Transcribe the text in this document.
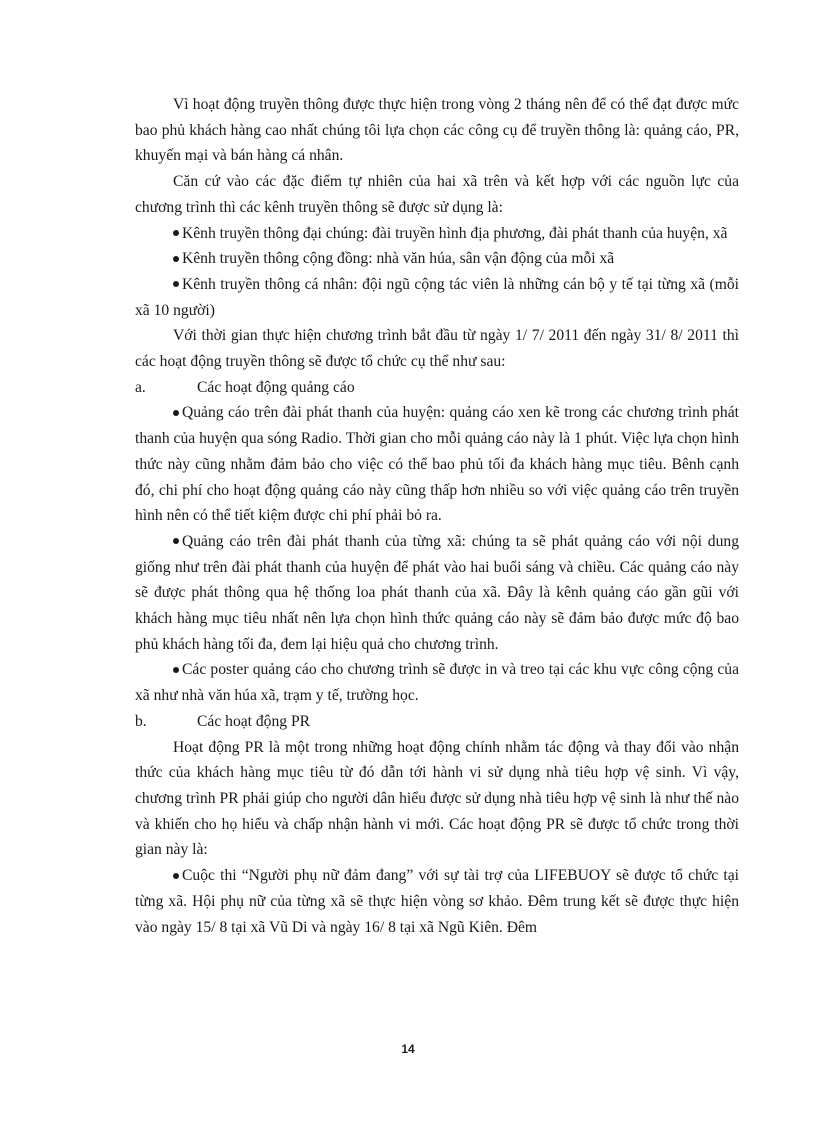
Vì hoạt động truyền thông được thực hiện trong vòng 2 tháng nên để có thể đạt được mức bao phủ khách hàng cao nhất chúng tôi lựa chọn các công cụ để truyền thông là: quảng cáo, PR, khuyến mại và bán hàng cá nhân.

Căn cứ vào các đặc điểm tự nhiên của hai xã trên và kết hợp với các nguồn lực của chương trình thì các kênh truyền thông sẽ được sử dụng là:

Kênh truyền thông đại chúng: đài truyền hình địa phương, đài phát thanh của huyện, xã

Kênh truyền thông cộng đồng: nhà văn húa, sân vận động của mỗi xã

Kênh truyền thông cá nhân: đội ngũ cộng tác viên là những cán bộ y tế tại từng xã (mỗi xã 10 người)

Với thời gian thực hiện chương trình bắt đầu từ ngày 1/ 7/ 2011 đến ngày 31/ 8/ 2011 thì các hoạt động truyền thông sẽ được tổ chức cụ thể như sau:

a.	Các hoạt động quảng cáo

Quảng cáo trên đài phát thanh của huyện: quảng cáo xen kẽ trong các chương trình phát thanh của huyện qua sóng Radio. Thời gian cho mỗi quảng cáo này là 1 phút. Việc lựa chọn hình thức này cũng nhằm đảm bảo cho việc có thể bao phủ tối đa khách hàng mục tiêu. Bênh cạnh đó, chi phí cho hoạt động quảng cáo này cũng thấp hơn nhiều so với việc quảng cáo trên truyền hình nên có thể tiết kiệm được chi phí phải bỏ ra.

Quảng cáo trên đài phát thanh của từng xã: chúng ta sẽ phát quảng cáo với nội dung giống như trên đài phát thanh của huyện để phát vào hai buổi sáng và chiều. Các quảng cáo này sẽ được phát thông qua hệ thống loa phát thanh của xã. Đây là kênh quảng cáo gần gũi với khách hàng mục tiêu nhất nên lựa chọn hình thức quảng cáo này sẽ đảm bảo được mức độ bao phủ khách hàng tối đa, đem lại hiệu quả cho chương trình.

Các poster quảng cáo cho chương trình sẽ được in và treo tại các khu vực công cộng của xã như nhà văn húa xã, trạm y tế, trường học.

b.	Các hoạt động PR

Hoạt động PR là một trong những hoạt động chính nhằm tác động và thay đổi vào nhận thức của khách hàng mục tiêu từ đó dẫn tới hành vi sử dụng nhà tiêu hợp vệ sinh. Vì vậy, chương trình PR phải giúp cho người dân hiểu được sử dụng nhà tiêu hợp vệ sinh là như thế nào và khiến cho họ hiểu và chấp nhận hành vi mới. Các hoạt động PR sẽ được tổ chức trong thời gian này là:

Cuộc thi “Người phụ nữ đảm đang” với sự tài trợ của LIFEBUOY sẽ được tổ chức tại từng xã. Hội phụ nữ của từng xã sẽ thực hiện vòng sơ khảo. Đêm trung kết sẽ được thực hiện vào ngày 15/ 8 tại xã Vũ Di và ngày 16/ 8 tại xã Ngũ Kiên. Đêm

14
